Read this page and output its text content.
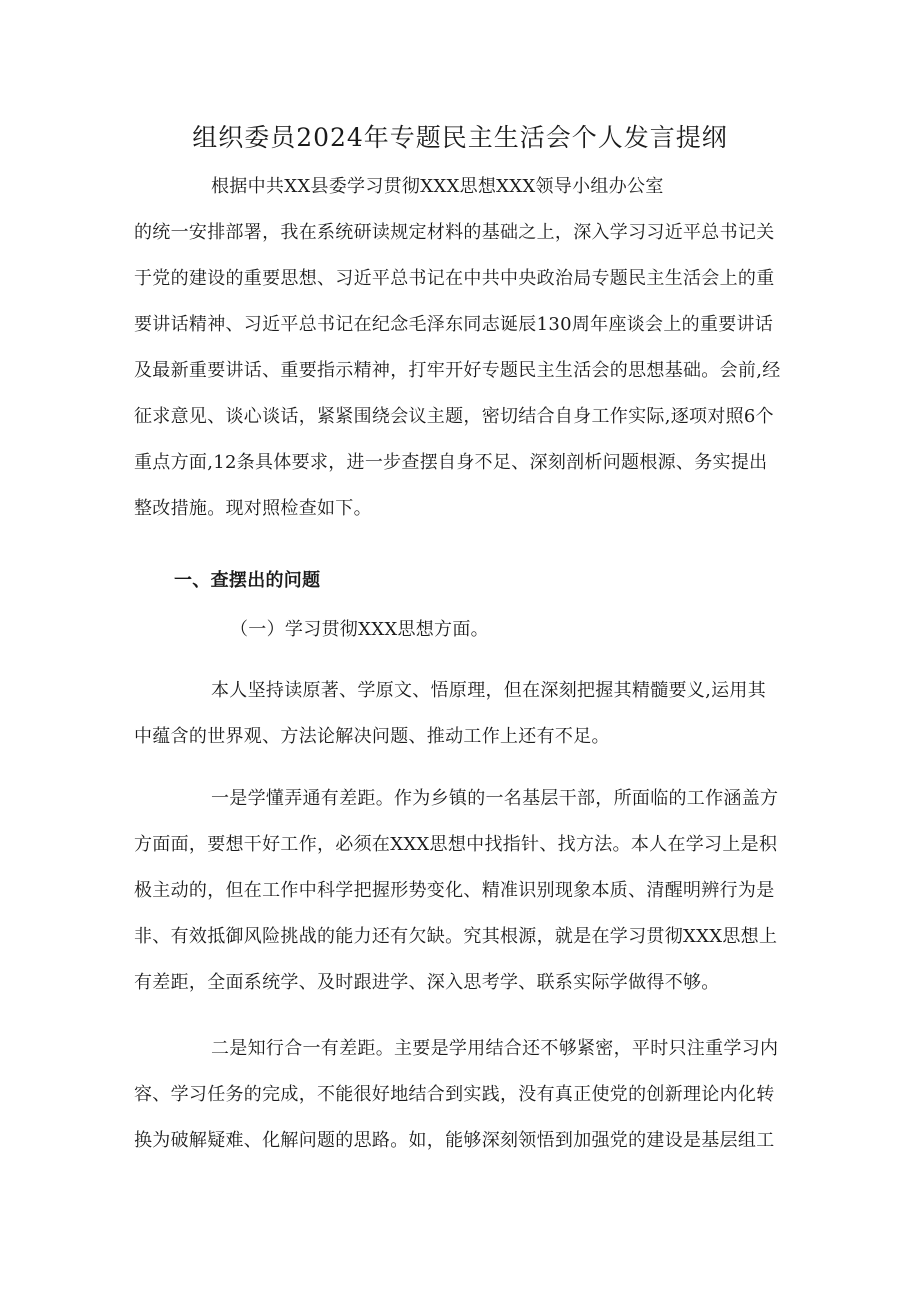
组织委员2024年专题民主生活会个人发言提纲
根据中共XX县委学习贯彻XXX思想XXX领导小组办公室
的统一安排部署，我在系统研读规定材料的基础之上，深入学习习近平总书记关
于党的建设的重要思想、习近平总书记在中共中央政治局专题民主生活会上的重
要讲话精神、习近平总书记在纪念毛泽东同志诞辰130周年座谈会上的重要讲话
及最新重要讲话、重要指示精神，打牢开好专题民主生活会的思想基础。会前,经
征求意见、谈心谈话，紧紧围绕会议主题，密切结合自身工作实际,逐项对照6个
重点方面,12条具体要求，进一步查摆自身不足、深刻剖析问题根源、务实提出
整改措施。现对照检查如下。
一、查摆出的问题
（一）学习贯彻XXX思想方面。
本人坚持读原著、学原文、悟原理，但在深刻把握其精髓要义,运用其
中蕴含的世界观、方法论解决问题、推动工作上还有不足。
一是学懂弄通有差距。作为乡镇的一名基层干部，所面临的工作涵盖方
方面面，要想干好工作，必须在XXX思想中找指针、找方法。本人在学习上是积
极主动的，但在工作中科学把握形势变化、精准识别现象本质、清醒明辨行为是
非、有效抵御风险挑战的能力还有欠缺。究其根源，就是在学习贯彻XXX思想上
有差距，全面系统学、及时跟进学、深入思考学、联系实际学做得不够。
二是知行合一有差距。主要是学用结合还不够紧密，平时只注重学习内
容、学习任务的完成，不能很好地结合到实践，没有真正使党的创新理论内化转
换为破解疑难、化解问题的思路。如，能够深刻领悟到加强党的建设是基层组工
